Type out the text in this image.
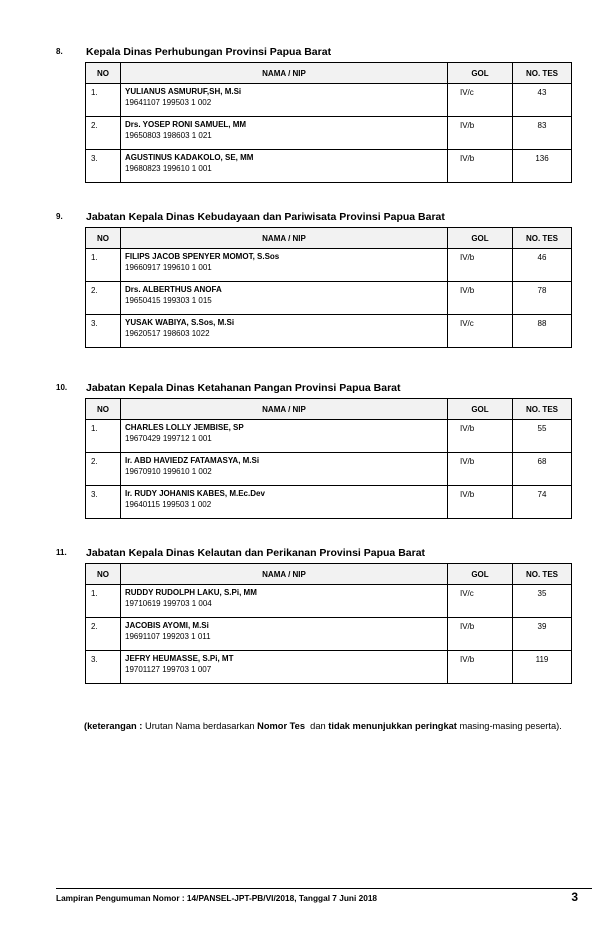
8. Kepala Dinas Perhubungan Provinsi Papua Barat
NO	NAMA / NIP	GOL	NO. TES

1.	YULIANUS ASMURUF,SH, M.Si
19641107 199503 1 002	IV/c	43

2.	Drs. YOSEP RONI SAMUEL, MM
19650803 198603 1 021	IV/b	83

3.	AGUSTINUS KADAKOLO, SE, MM
19680823 199610 1 001	IV/b	136
9. Jabatan Kepala Dinas Kebudayaan dan Pariwisata Provinsi Papua Barat
NO	NAMA / NIP	GOL	NO. TES

1.	FILIPS JACOB SPENYER MOMOT, S.Sos
19660917 199610 1 001	IV/b	46

2.	Drs. ALBERTHUS ANOFA
19650415 199303 1 015	IV/b	78

3.	YUSAK WABIYA, S.Sos, M.Si
19620517 198603 1022	IV/c	88
10. Jabatan Kepala Dinas Ketahanan Pangan Provinsi Papua Barat
NO	NAMA / NIP	GOL	NO. TES

1.	CHARLES LOLLY JEMBISE, SP
19670429 199712 1 001	IV/b	55

2.	Ir. ABD HAVIEDZ FATAMASYA, M.Si
19670910 199610 1 002	IV/b	68

3.	Ir. RUDY JOHANIS KABES, M.Ec.Dev
19640115 199503 1 002	IV/b	74
11. Jabatan Kepala Dinas Kelautan dan Perikanan Provinsi Papua Barat
NO	NAMA / NIP	GOL	NO. TES

1.	RUDDY RUDOLPH LAKU, S.Pi, MM
19710619 199703 1 004	IV/c	35

2.	JACOBIS AYOMI, M.Si
19691107 199203 1 011	IV/b	39

3.	JEFRY HEUMASSE, S.Pi, MT
19701127 199703 1 007	IV/b	119
(keterangan : Urutan Nama berdasarkan Nomor Tes  dan tidak menunjukkan peringkat masing-masing peserta).
Lampiran Pengumuman Nomor : 14/PANSEL-JPT-PB/VI/2018, Tanggal 7 Juni 2018	3
